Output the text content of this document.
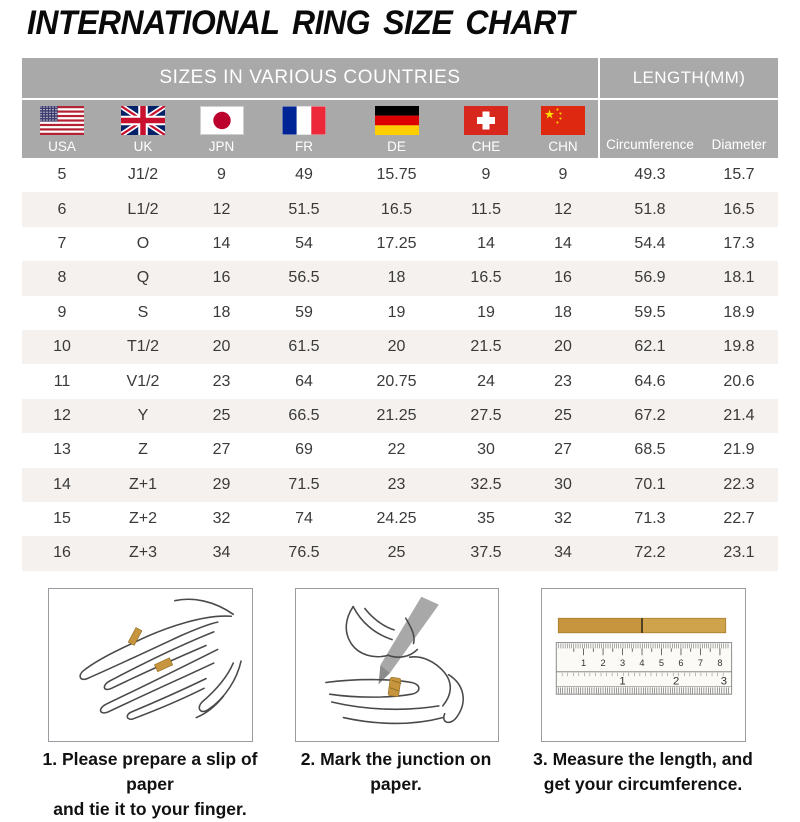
INTERNATIONAL RING SIZE CHART
SIZES IN VARIOUS COUNTRIES	LENGTH(MM)
USA	UK	JPN	FR	DE	CHE	CHN	Circumference	Diameter
5	J1/2	9	49	15.75	9	9	49.3	15.7
6	L1/2	12	51.5	16.5	11.5	12	51.8	16.5
7	O	14	54	17.25	14	14	54.4	17.3
8	Q	16	56.5	18	16.5	16	56.9	18.1
9	S	18	59	19	19	18	59.5	18.9
10	T1/2	20	61.5	20	21.5	20	62.1	19.8
11	V1/2	23	64	20.75	24	23	64.6	20.6
12	Y	25	66.5	21.25	27.5	25	67.2	21.4
13	Z	27	69	22	30	27	68.5	21.9
14	Z+1	29	71.5	23	32.5	30	70.1	22.3
15	Z+2	32	74	24.25	35	32	71.3	22.7
16	Z+3	34	76.5	25	37.5	34	72.2	23.1
1 2 3 4 5 6 7 8
1	2	3
1. Please prepare a slip of paper
and tie it to your finger.
2. Mark the junction on paper.
3. Measure the length, and
get your circumference.
